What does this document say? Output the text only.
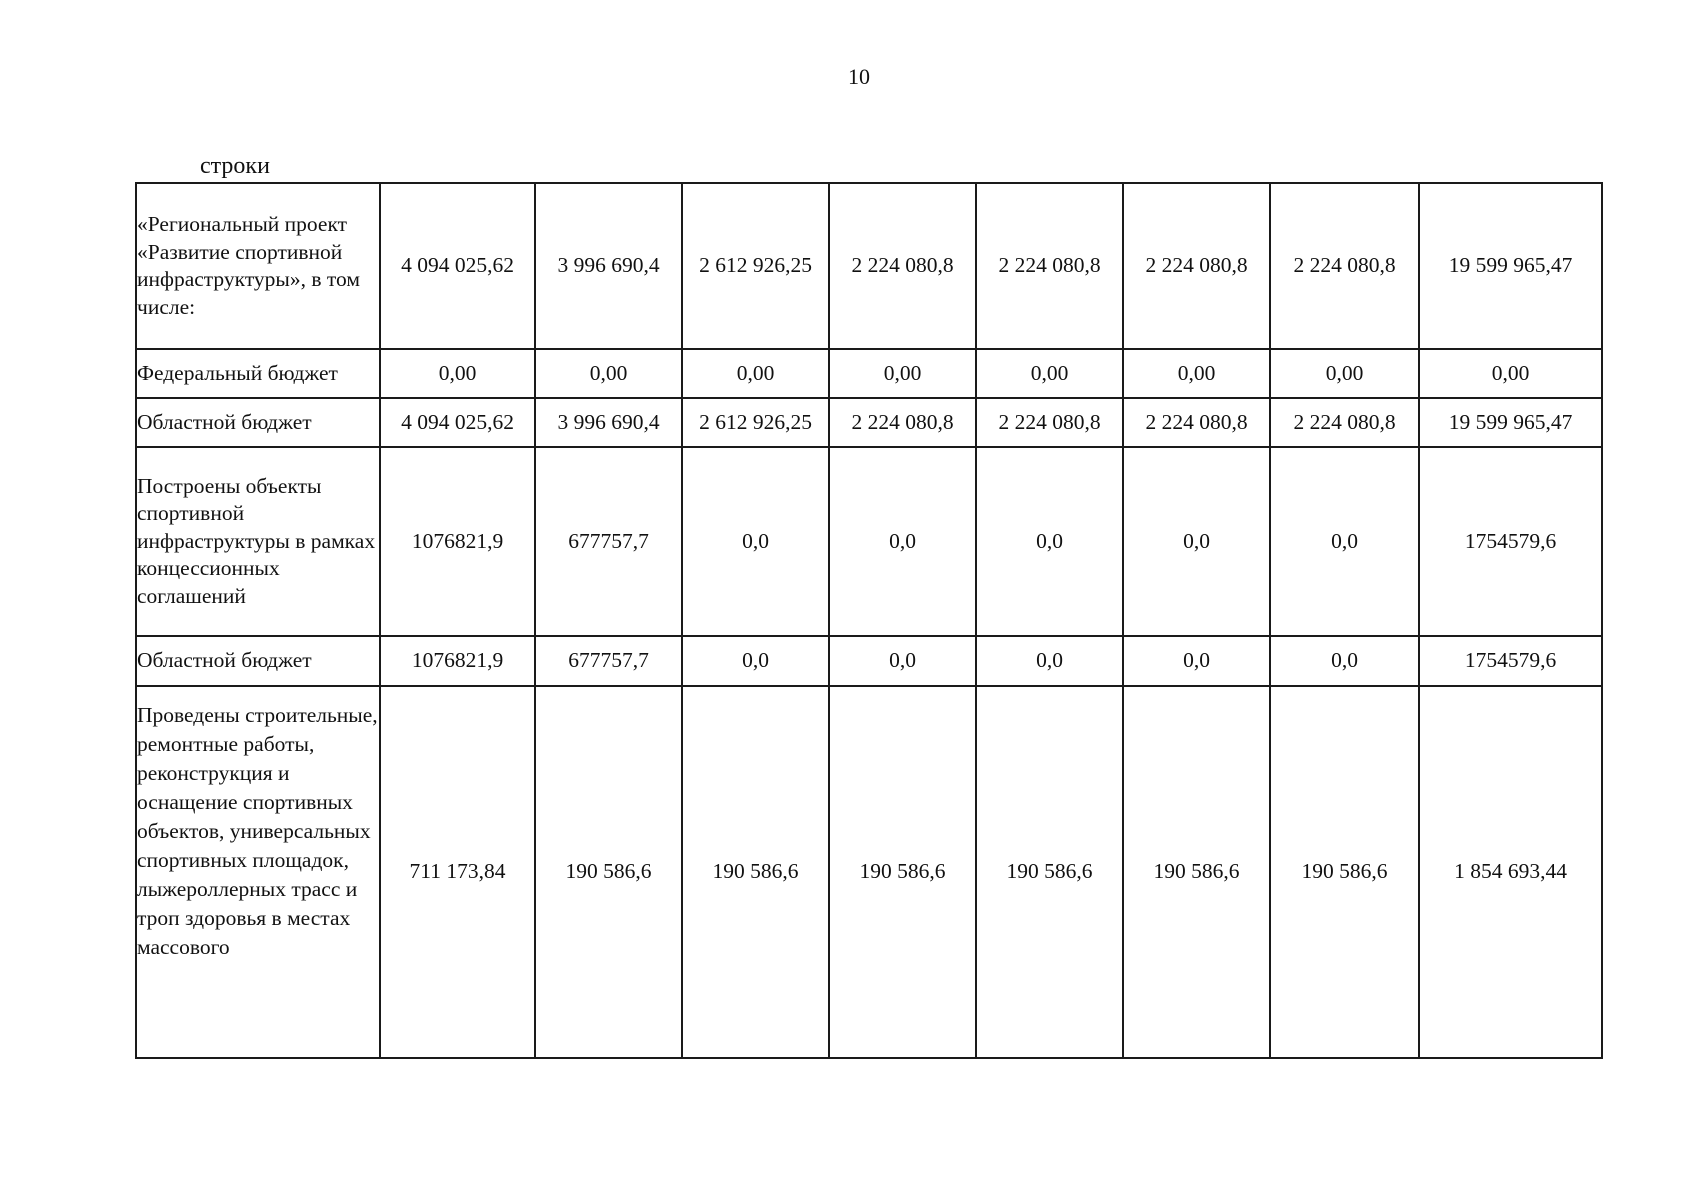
10
строки
«Региональный проект «Развитие спортивной инфраструктуры», в том числе:	4 094 025,62	3 996 690,4	2 612 926,25	2 224 080,8	2 224 080,8	2 224 080,8	2 224 080,8	19 599 965,47
Федеральный бюджет	0,00	0,00	0,00	0,00	0,00	0,00	0,00	0,00
Областной бюджет	4 094 025,62	3 996 690,4	2 612 926,25	2 224 080,8	2 224 080,8	2 224 080,8	2 224 080,8	19 599 965,47
Построены объекты спортивной инфраструктуры в рамках концессионных соглашений	1076821,9	677757,7	0,0	0,0	0,0	0,0	0,0	1754579,6
Областной бюджет	1076821,9	677757,7	0,0	0,0	0,0	0,0	0,0	1754579,6
Проведены строительные, ремонтные работы, реконструкция и оснащение спортивных объектов, универсальных спортивных площадок, лыжероллерных трасс и троп здоровья в местах массового	711 173,84	190 586,6	190 586,6	190 586,6	190 586,6	190 586,6	190 586,6	1 854 693,44
